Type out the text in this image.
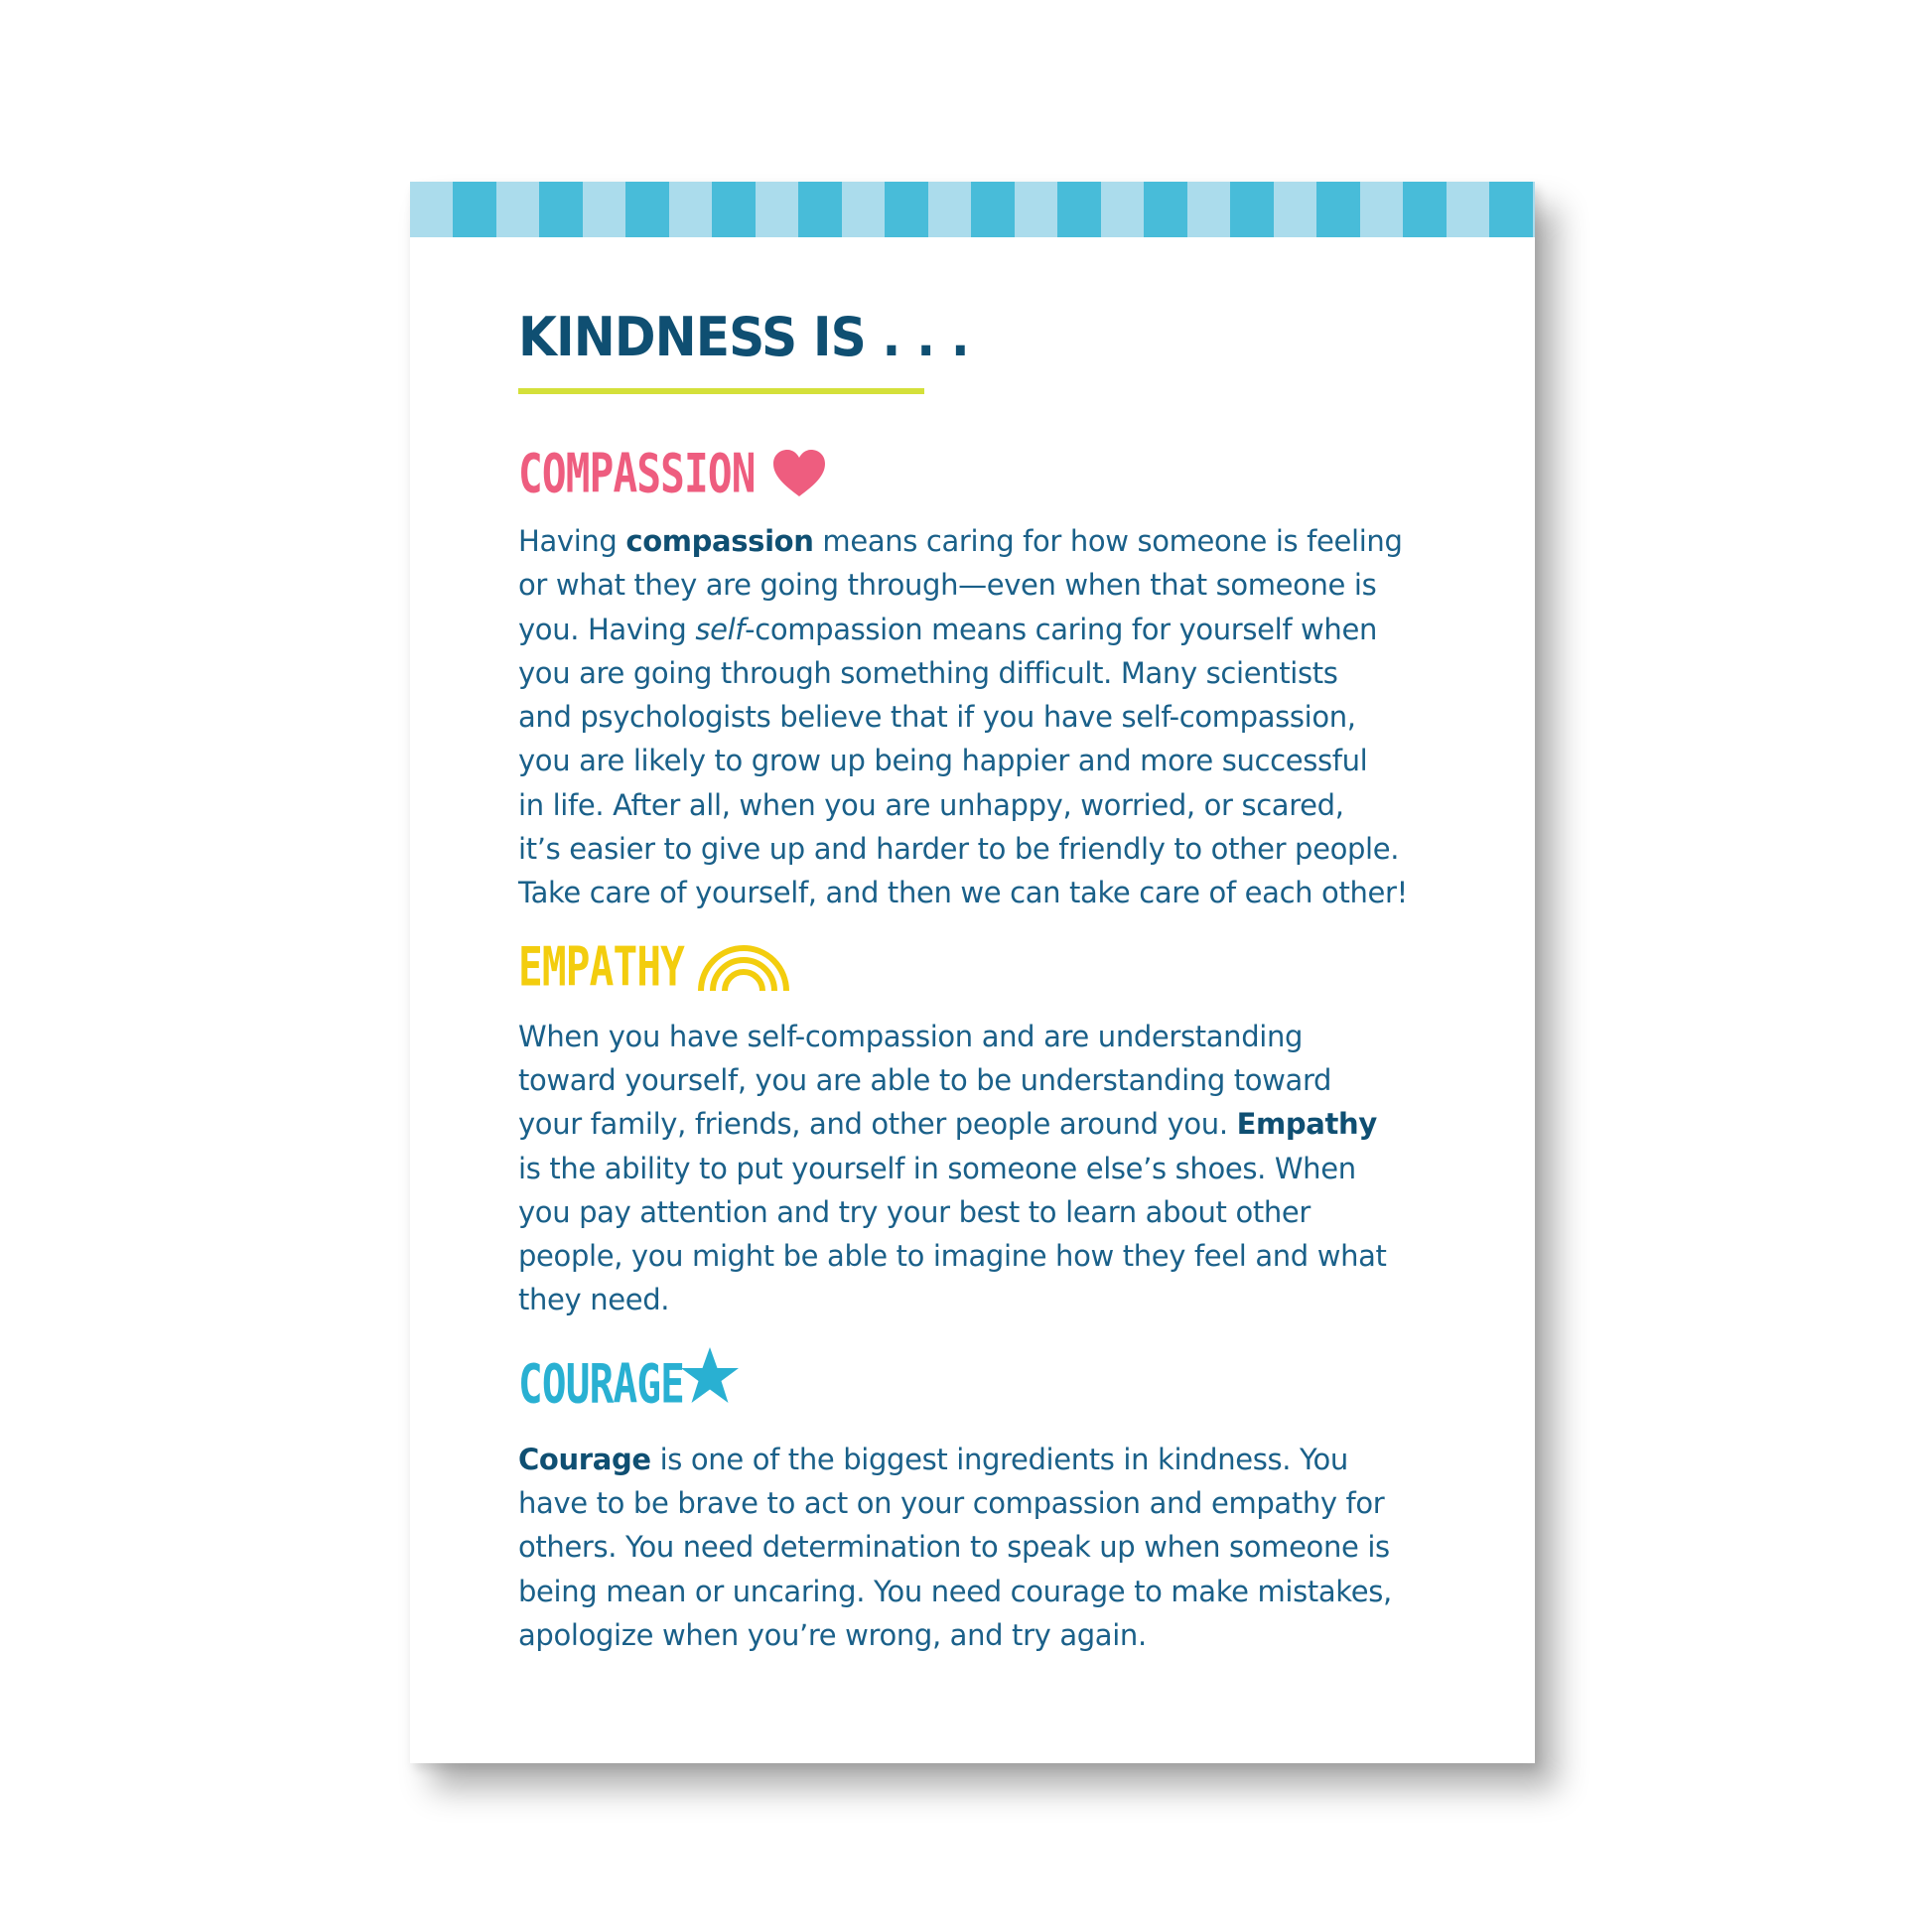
KINDNESS IS . . .
COMPASSION

Having compassion means caring for how someone is feeling
or what they are going through—even when that someone is
you. Having self-compassion means caring for yourself when
you are going through something difficult. Many scientists
and psychologists believe that if you have self-compassion,
you are likely to grow up being happier and more successful
in life. After all, when you are unhappy, worried, or scared,
it’s easier to give up and harder to be friendly to other people.
Take care of yourself, and then we can take care of each other!

EMPATHY

When you have self-compassion and are understanding
toward yourself, you are able to be understanding toward
your family, friends, and other people around you. Empathy
is the ability to put yourself in someone else’s shoes. When
you pay attention and try your best to learn about other
people, you might be able to imagine how they feel and what
they need.

COURAGE

Courage is one of the biggest ingredients in kindness. You
have to be brave to act on your compassion and empathy for
others. You need determination to speak up when someone is
being mean or uncaring. You need courage to make mistakes,
apologize when you’re wrong, and try again.
